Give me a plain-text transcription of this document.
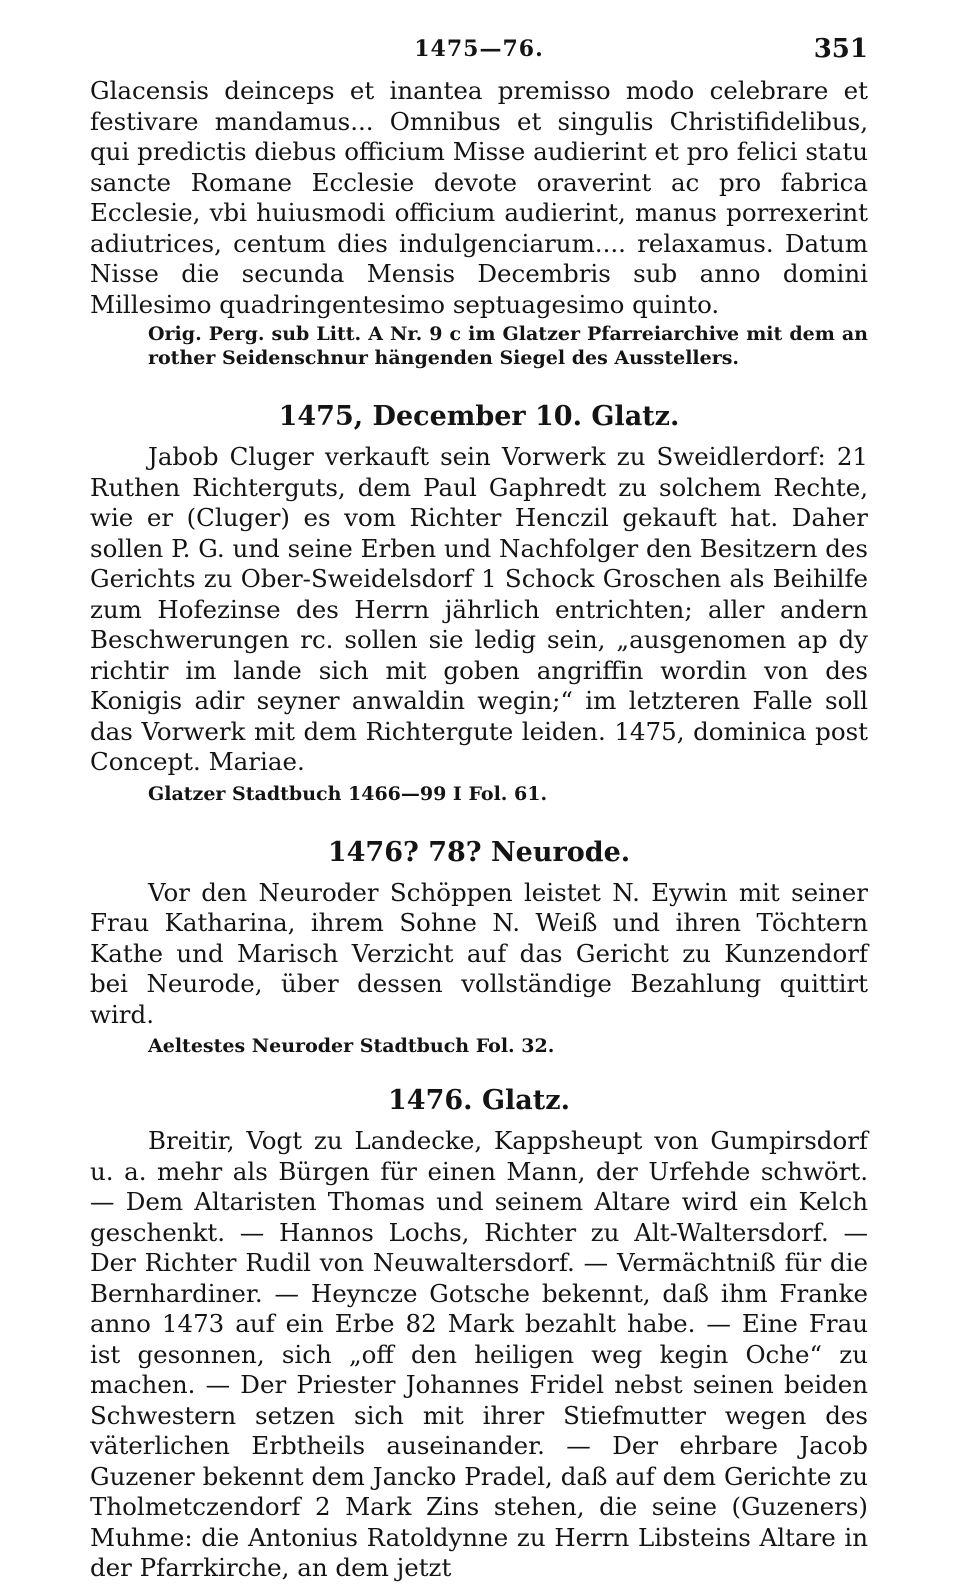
1475—76.	351

Glacensis deinceps et inantea premisso modo celebrare et festivare mandamus... Omnibus et singulis Christifidelibus, qui predictis diebus officium Misse audierint et pro felici statu sancte Romane Ecclesie devote oraverint ac pro fabrica Ecclesie, vbi huiusmodi officium audierint, manus porrexerint adiutrices, centum dies indulgenciarum.... relaxamus. Datum Nisse die secunda Mensis Decembris sub anno domini Millesimo quadringentesimo septuagesimo quinto.

Orig. Perg. sub Litt. A Nr. 9 c im Glatzer Pfarreiarchive mit dem an rother Seidenschnur hängenden Siegel des Ausstellers.

1475, December 10. Glatz.

Jabob Cluger verkauft sein Vorwerk zu Sweidlerdorf: 21 Ruthen Richterguts, dem Paul Gaphredt zu solchem Rechte, wie er (Cluger) es vom Richter Henczil gekauft hat. Daher sollen P. G. und seine Erben und Nachfolger den Besitzern des Gerichts zu Ober-Sweidelsdorf 1 Schock Groschen als Beihilfe zum Hofezinse des Herrn jährlich entrichten; aller andern Beschwerungen rc. sollen sie ledig sein, „ausgenomen ap dy richtir im lande sich mit goben angriffin wordin von des Konigis adir seyner anwaldin wegin;“ im letzteren Falle soll das Vorwerk mit dem Richtergute leiden. 1475, dominica post Concept. Mariae.

Glatzer Stadtbuch 1466—99 I Fol. 61.

1476? 78? Neurode.

Vor den Neuroder Schöppen leistet N. Eywin mit seiner Frau Katharina, ihrem Sohne N. Weiß und ihren Töchtern Kathe und Marisch Verzicht auf das Gericht zu Kunzendorf bei Neurode, über dessen vollständige Bezahlung quittirt wird.

Aeltestes Neuroder Stadtbuch Fol. 32.

1476. Glatz.

Breitir, Vogt zu Landecke, Kappsheupt von Gumpirsdorf u. a. mehr als Bürgen für einen Mann, der Urfehde schwört. — Dem Altaristen Thomas und seinem Altare wird ein Kelch geschenkt. — Hannos Lochs, Richter zu Alt-Waltersdorf. — Der Richter Rudil von Neuwaltersdorf. — Vermächtniß für die Bernhardiner. — Heyncze Gotsche bekennt, daß ihm Franke anno 1473 auf ein Erbe 82 Mark bezahlt habe. — Eine Frau ist gesonnen, sich „off den heiligen weg kegin Oche“ zu machen. — Der Priester Johannes Fridel nebst seinen beiden Schwestern setzen sich mit ihrer Stiefmutter wegen des väterlichen Erbtheils auseinander. — Der ehrbare Jacob Guzener bekennt dem Jancko Pradel, daß auf dem Gerichte zu Tholmetczendorf 2 Mark Zins stehen, die seine (Guzeners) Muhme: die Antonius Ratoldynne zu Herrn Libsteins Altare in der Pfarrkirche, an dem jetzt
